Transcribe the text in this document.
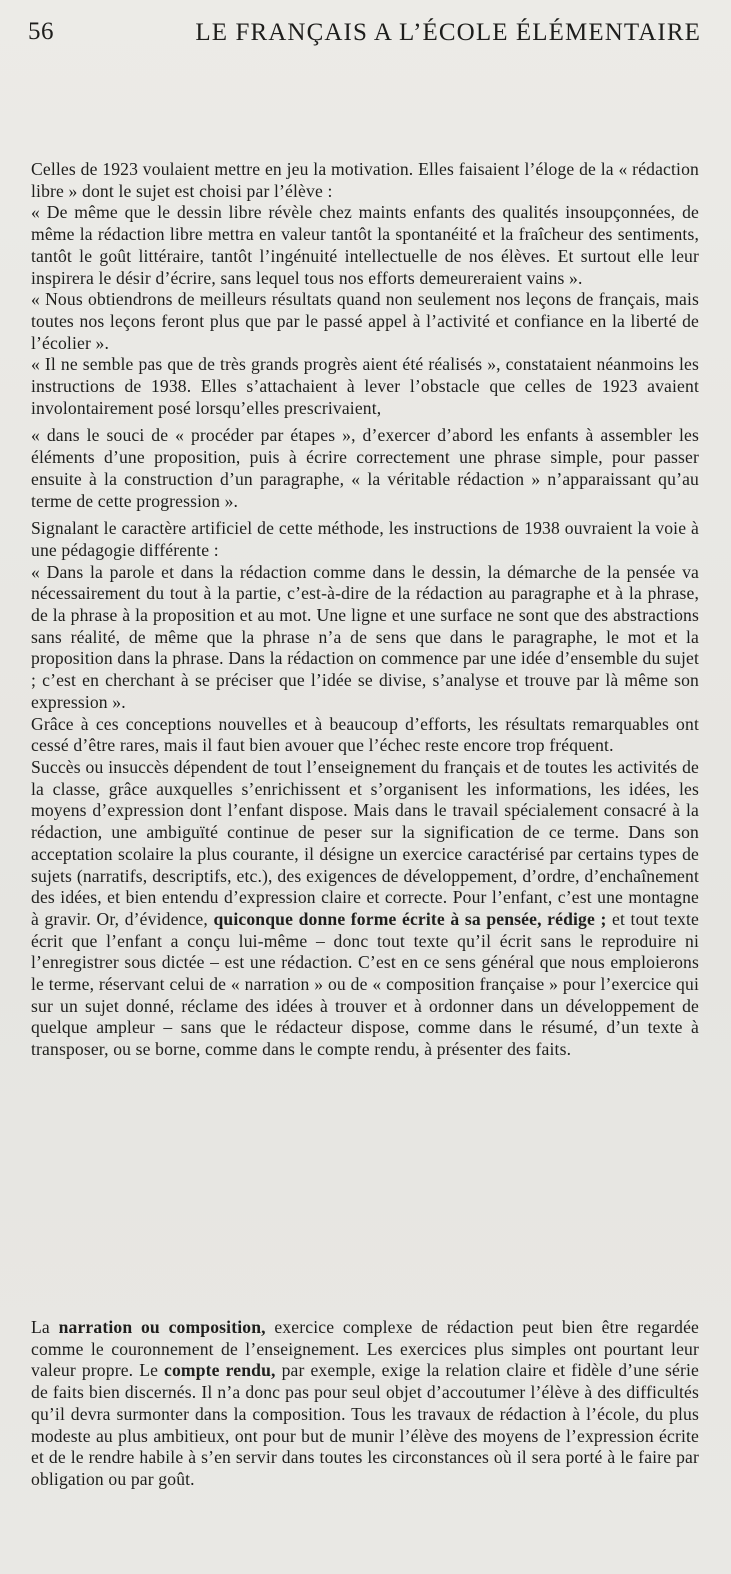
56	LE FRANÇAIS A L’ÉCOLE ÉLÉMENTAIRE

Celles de 1923 voulaient mettre en jeu la motivation. Elles faisaient l’éloge de la « rédaction libre » dont le sujet est choisi par l’élève :

« De même que le dessin libre révèle chez maints enfants des qualités insoupçonnées, de même la rédaction libre mettra en valeur tantôt la spontanéité et la fraîcheur des sentiments, tantôt le goût littéraire, tantôt l’ingénuité intellectuelle de nos élèves. Et surtout elle leur inspirera le désir d’écrire, sans lequel tous nos efforts demeureraient vains ».

« Nous obtiendrons de meilleurs résultats quand non seulement nos leçons de français, mais toutes nos leçons feront plus que par le passé appel à l’activité et confiance en la liberté de l’écolier ».

« Il ne semble pas que de très grands progrès aient été réalisés », constataient néanmoins les instructions de 1938. Elles s’attachaient à lever l’obstacle que celles de 1923 avaient involontairement posé lorsqu’elles prescrivaient,

« dans le souci de « procéder par étapes », d’exercer d’abord les enfants à assembler les éléments d’une proposition, puis à écrire correctement une phrase simple, pour passer ensuite à la construction d’un paragraphe, « la véritable rédaction » n’apparaissant qu’au terme de cette progression ».

Signalant le caractère artificiel de cette méthode, les instructions de 1938 ouvraient la voie à une pédagogie différente :

« Dans la parole et dans la rédaction comme dans le dessin, la démarche de la pensée va nécessairement du tout à la partie, c’est-à-dire de la rédaction au paragraphe et à la phrase, de la phrase à la proposition et au mot. Une ligne et une surface ne sont que des abstractions sans réalité, de même que la phrase n’a de sens que dans le paragraphe, le mot et la proposition dans la phrase. Dans la rédaction on commence par une idée d’ensemble du sujet ; c’est en cherchant à se préciser que l’idée se divise, s’analyse et trouve par là même son expression ».

Grâce à ces conceptions nouvelles et à beaucoup d’efforts, les résultats remarquables ont cessé d’être rares, mais il faut bien avouer que l’échec reste encore trop fréquent.

Succès ou insuccès dépendent de tout l’enseignement du français et de toutes les activités de la classe, grâce auxquelles s’enrichissent et s’organisent les informations, les idées, les moyens d’expression dont l’enfant dispose. Mais dans le travail spécialement consacré à la rédaction, une ambiguïté continue de peser sur la signification de ce terme. Dans son acceptation scolaire la plus courante, il désigne un exercice caractérisé par certains types de sujets (narratifs, descriptifs, etc.), des exigences de développement, d’ordre, d’enchaînement des idées, et bien entendu d’expression claire et correcte. Pour l’enfant, c’est une montagne à gravir. Or, d’évidence, quiconque donne forme écrite à sa pensée, rédige ; et tout texte écrit que l’enfant a conçu lui-même – donc tout texte qu’il écrit sans le reproduire ni l’enregistrer sous dictée – est une rédaction. C’est en ce sens général que nous emploierons le terme, réservant celui de « narration » ou de « composition française » pour l’exercice qui sur un sujet donné, réclame des idées à trouver et à ordonner dans un développement de quelque ampleur – sans que le rédacteur dispose, comme dans le résumé, d’un texte à transposer, ou se borne, comme dans le compte rendu, à présenter des faits.

La narration ou composition, exercice complexe de rédaction peut bien être regardée comme le couronnement de l’enseignement. Les exercices plus simples ont pourtant leur valeur propre. Le compte rendu, par exemple, exige la relation claire et fidèle d’une série de faits bien discernés. Il n’a donc pas pour seul objet d’accoutumer l’élève à des difficultés qu’il devra surmonter dans la composition. Tous les travaux de rédaction à l’école, du plus modeste au plus ambitieux, ont pour but de munir l’élève des moyens de l’expression écrite et de le rendre habile à s’en servir dans toutes les circonstances où il sera porté à le faire par obligation ou par goût.
